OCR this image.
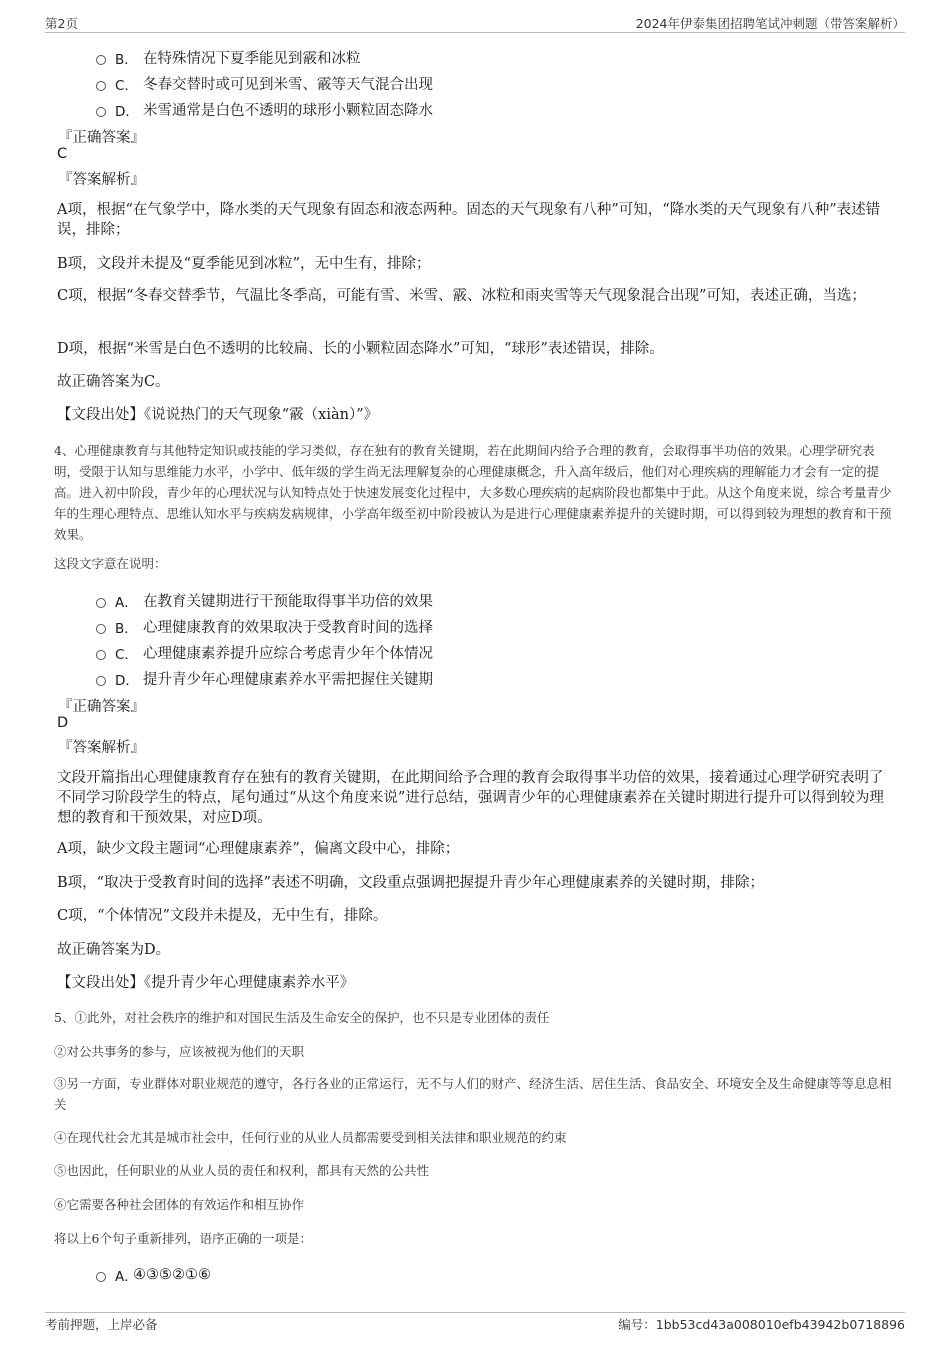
第2页	2024年伊泰集团招聘笔试冲刺题（带答案解析）
B． 在特殊情况下夏季能见到霰和冰粒
C． 冬春交替时或可见到米雪、霰等天气混合出现
D． 米雪通常是白色不透明的球形小颗粒固态降水
『正确答案』
C
『答案解析』
A项，根据“在气象学中，降水类的天气现象有固态和液态两种。固态的天气现象有八种”可知，“降水类的天气现象有八种”表述错误，排除；
B项，文段并未提及“夏季能见到冰粒”，无中生有，排除；
C项，根据“冬春交替季节，气温比冬季高，可能有雪、米雪、霰、冰粒和雨夹雪等天气现象混合出现”可知，表述正确，当选；
D项，根据“米雪是白色不透明的比较扁、长的小颗粒固态降水”可知，“球形”表述错误，排除。
故正确答案为C。
【文段出处】《说说热门的天气现象“霰（xiàn）”》
4、心理健康教育与其他特定知识或技能的学习类似，存在独有的教育关键期，若在此期间内给予合理的教育，会取得事半功倍的效果。心理学研究表明，受限于认知与思维能力水平，小学中、低年级的学生尚无法理解复杂的心理健康概念，升入高年级后，他们对心理疾病的理解能力才会有一定的提高。进入初中阶段，青少年的心理状况与认知特点处于快速发展变化过程中，大多数心理疾病的起病阶段也都集中于此。从这个角度来说，综合考量青少年的生理心理特点、思维认知水平与疾病发病规律，小学高年级至初中阶段被认为是进行心理健康素养提升的关键时期，可以得到较为理想的教育和干预效果。
这段文字意在说明：
A． 在教育关键期进行干预能取得事半功倍的效果
B． 心理健康教育的效果取决于受教育时间的选择
C． 心理健康素养提升应综合考虑青少年个体情况
D． 提升青少年心理健康素养水平需把握住关键期
『正确答案』
D
『答案解析』
文段开篇指出心理健康教育存在独有的教育关键期，在此期间给予合理的教育会取得事半功倍的效果，接着通过心理学研究表明了不同学习阶段学生的特点，尾句通过“从这个角度来说”进行总结，强调青少年的心理健康素养在关键时期进行提升可以得到较为理想的教育和干预效果，对应D项。
A项，缺少文段主题词“心理健康素养”，偏离文段中心，排除；
B项，“取决于受教育时间的选择”表述不明确，文段重点强调把握提升青少年心理健康素养的关键时期，排除；
C项，“个体情况”文段并未提及，无中生有，排除。
故正确答案为D。
【文段出处】《提升青少年心理健康素养水平》
5、①此外，对社会秩序的维护和对国民生活及生命安全的保护，也不只是专业团体的责任
②对公共事务的参与，应该被视为他们的天职
③另一方面，专业群体对职业规范的遵守，各行各业的正常运行，无不与人们的财产、经济生活、居住生活、食品安全、环境安全及生命健康等等息息相关
④在现代社会尤其是城市社会中，任何行业的从业人员都需要受到相关法律和职业规范的约束
⑤也因此，任何职业的从业人员的责任和权利，都具有天然的公共性
⑥它需要各种社会团体的有效运作和相互协作
将以上6个句子重新排列，语序正确的一项是：
A．
④③⑤②①⑥
考前押题，上岸必备	编号：1bb53cd43a008010efb43942b0718896
